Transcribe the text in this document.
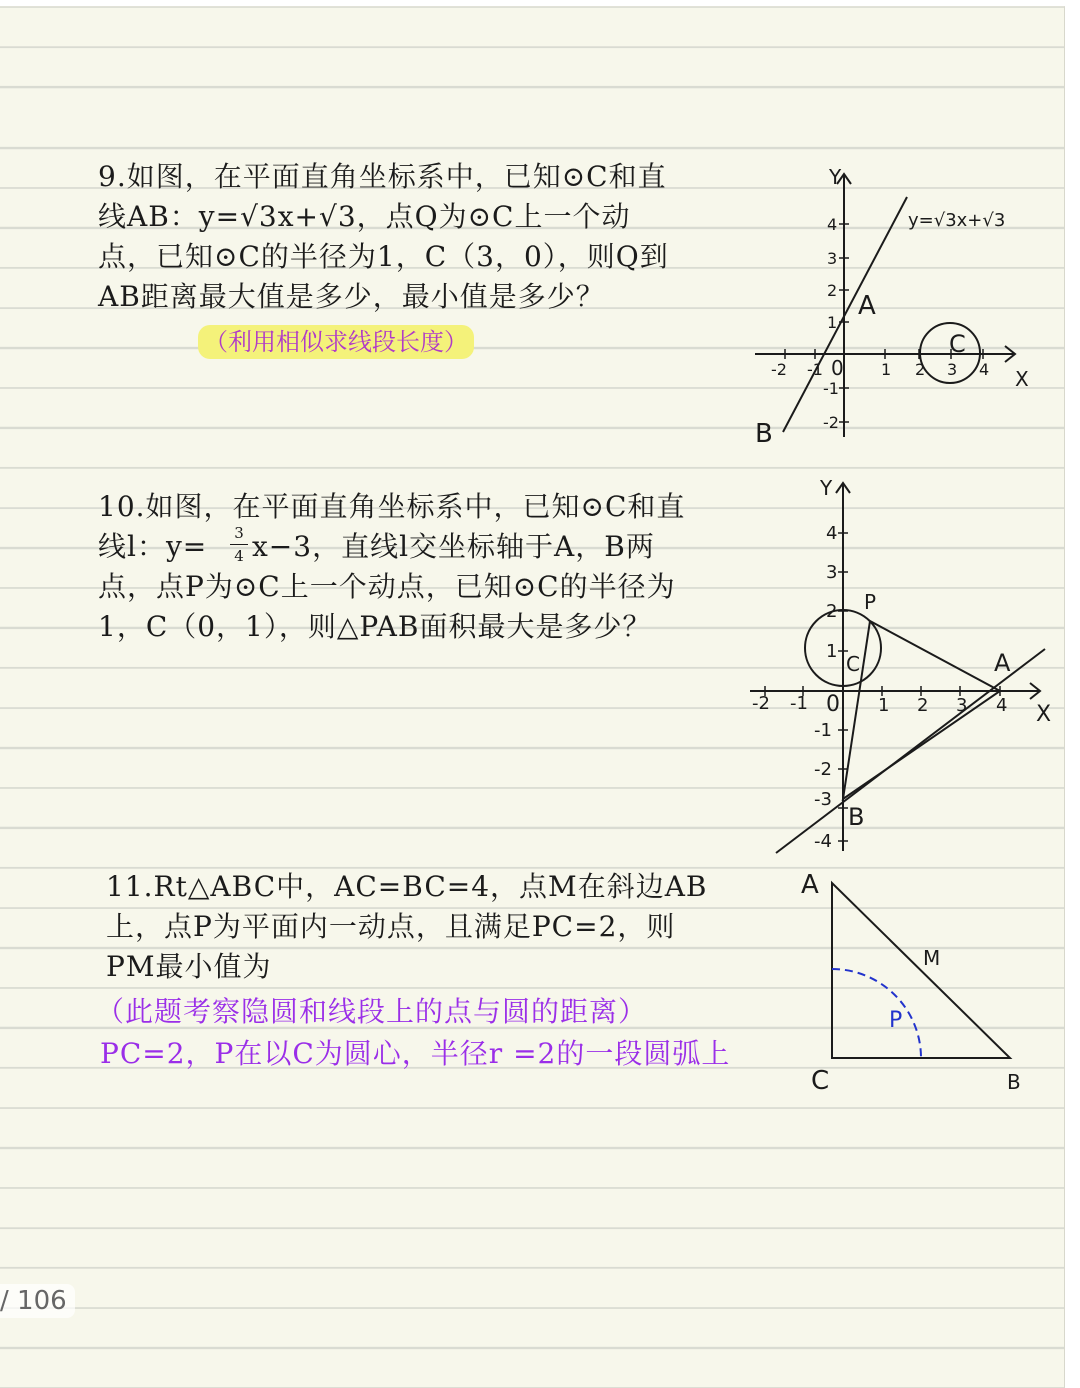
9.如图，在平面直角坐标系中，已知⊙C和直

线AB：y=√3x+√3，点Q为⊙C上一个动

点，已知⊙C的半径为1，C（3，0），则Q到

AB距离最大值是多少，最小值是多少？

（利用相似求线段长度）
Y
X
y=√3x+√3
A
B
C
0
-2 -1	1 2 3 4
4
3
2
1
-1
-2

10.如图，在平面直角坐标系中，已知⊙C和直

线l：y=	3
4 x−3，直线l交坐标轴于A，B两

点，点P为⊙C上一个动点，已知⊙C的半径为

1，C（0，1），则△PAB面积最大是多少？

Y
X
P
A
B
C
0
-2 -1	1 2 3 4
4
3
2
1
-1
-2
-3
-4

11.Rt△ABC中，AC=BC=4，点M在斜边AB

上，点P为平面内一动点，且满足PC=2，则

PM最小值为

（此题考察隐圆和线段上的点与圆的距离）

PC=2，P在以C为圆心，半径r =2的一段圆弧上

A
C	B
M
P
/ 106
